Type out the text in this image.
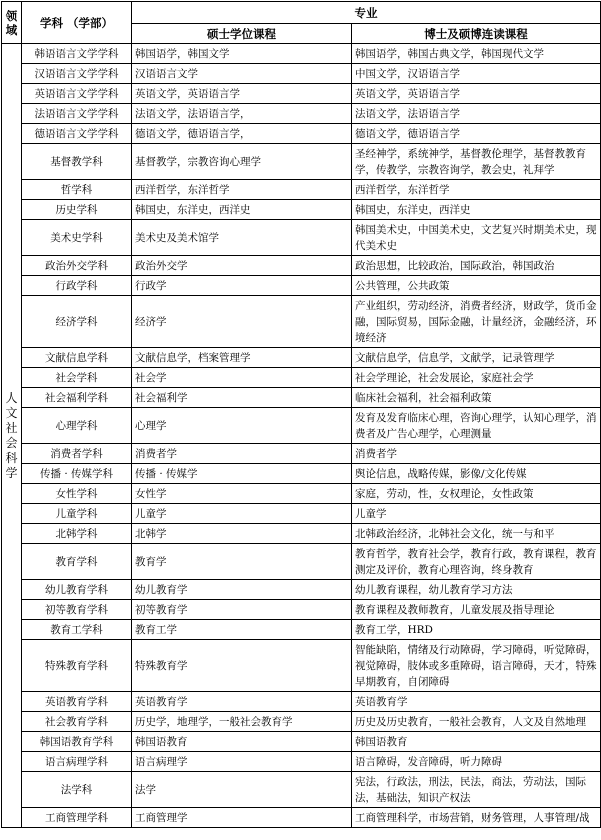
领域	学科 （学部）	专业	
		硕士学位课程	博士及硕博连读课程
人文社会科学	韩语语言文学学科	韩国语学，韩国文学	韩国语学，韩国古典文学，韩国现代文学
	汉语语言文学学科	汉语语言文学	中国文学，汉语语言学
	英语语言文学学科	英语文学，英语语言学	英语文学，英语语言学
	法语语言文学学科	法语文学，法语语言学，	法语文学，法语语言学
	德语语言文学学科	德语文学，德语语言学，	德语文学，德语语言学
	基督教学科	基督教学，宗教咨询心理学	圣经神学，系统神学，基督教伦理学，基督教教育学，传教学，宗教咨询学，教会史，礼拜学
	哲学科	西洋哲学，东洋哲学	西洋哲学，东洋哲学
	历史学科	韩国史，东洋史，西洋史	韩国史，东洋史，西洋史
	美术史学科	美术史及美术馆学	韩国美术史，中国美术史，文艺复兴时期美术史，现代美术史
	政治外交学科	政治外交学	政治思想，比较政治，国际政治，韩国政治
	行政学科	行政学	公共管理，公共政策
	经济学科	经济学	产业组织，劳动经济，消费者经济，财政学，货币金融，国际贸易，国际金融，计量经济，金融经济，环境经济
	文献信息学科	文献信息学，档案管理学	文献信息学，信息学，文献学，记录管理学
	社会学科	社会学	社会学理论，社会发展论，家庭社会学
	社会福利学科	社会福利学	临床社会福利，社会福利政策
	心理学科	心理学	发育及发育临床心理，咨询心理学，认知心理学，消费者及广告心理学，心理测量
	消费者学科	消费者学	消费者学
	传播 · 传媒学科	传播 · 传媒学	舆论信息，战略传媒，影像/文化传媒
	女性学科	女性学	家庭，劳动，性，女权理论，女性政策
	儿童学科	儿童学	儿童学
	北韩学科	北韩学	北韩政治经济，北韩社会文化，统一与和平
	教育学科	教育学	教育哲学，教育社会学，教育行政，教育课程，教育测定及评价，教育心理咨询，终身教育
	幼儿教育学科	幼儿教育学	幼儿教育课程，幼儿教育学习方法
	初等教育学科	初等教育学	教育课程及教师教育，儿童发展及指导理论
	教育工学科	教育工学	教育工学，HRD
	特殊教育学科	特殊教育学	智能缺陷，情绪及行动障碍，学习障碍，听觉障碍，视觉障碍，肢体或多重障碍，语言障碍，天才，特殊早期教育，自闭障碍
	英语教育学科	英语教育学	英语教育学
	社会教育学科	历史学，地理学，一般社会教育学	历史及历史教育，一般社会教育，人文及自然地理
	韩国语教育学科	韩国语教育	韩国语教育
	语言病理学科	语言病理学	语言障碍，发音障碍，听力障碍
	法学科	法学	宪法，行政法，刑法，民法，商法，劳动法，国际法，基础法，知识产权法
	工商管理学科	工商管理学	工商管理科学，市场营销，财务管理，人事管理/战
